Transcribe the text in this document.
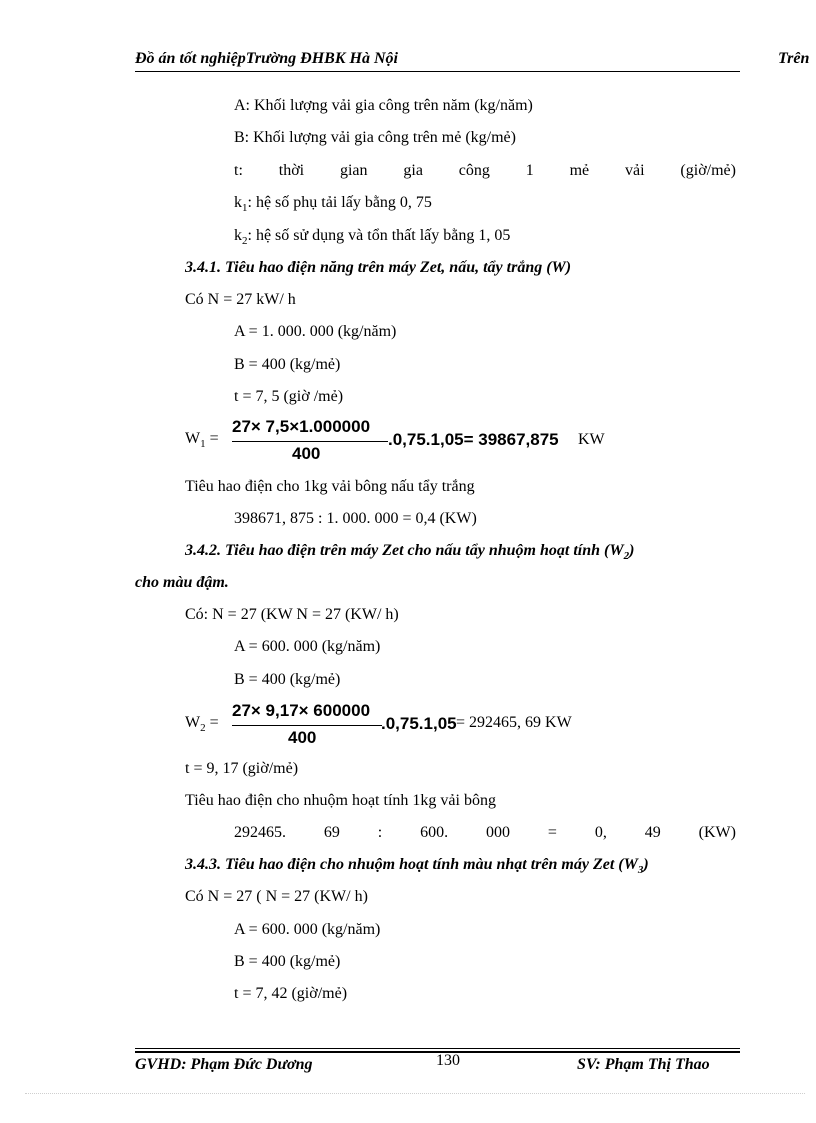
Đồ án tốt nghiệpTrường ĐHBK Hà Nội	Trên
A: Khối lượng vải gia công trên năm (kg/năm)
B: Khối lượng vải gia công trên mẻ (kg/mẻ)
t: thời gian gia công 1 mẻ vải (giờ/mẻ)
$k_1$: hệ số phụ tải lấy bằng 0, 75
$k_2$: hệ số sử dụng và tổn thất lấy bằng 1, 05
3.4.1. Tiêu hao điện năng trên máy Zet, nấu, tẩy trắng (W)
Có N = 27 kW/ h
A = 1. 000. 000 (kg/năm)
B = 400 (kg/mẻ)
t = 7, 5 (giờ /mẻ)
$W_1$ =
27× 7,5×1.000000
400
.0,75.1,05= 39867,875	KW
Tiêu hao điện cho 1kg vải bông nấu tẩy trắng
398671, 875 : 1. 000. 000 = 0,4 (KW)
3.4.2. Tiêu hao điện trên máy Zet cho nấu tẩy nhuộm hoạt tính $(W_2)$
cho màu đậm.
Có: N = 27 (KW N = 27 (KW/ h)
A = 600. 000 (kg/năm)
B = 400 (kg/mẻ)
$W_2$ =
27× 9,17× 600000
400
.0,75.1,05 = 292465, 69 KW
t = 9, 17 (giờ/mẻ)
Tiêu hao điện cho nhuộm hoạt tính 1kg vải bông
292465. 69 : 600. 000 = 0, 49 (KW)
3.4.3. Tiêu hao điện cho nhuộm hoạt tính màu nhạt trên máy Zet $(W_3)$
Có N = 27 ( N = 27 (KW/ h)
A = 600. 000 (kg/năm)
B = 400 (kg/mẻ)
t = 7, 42 (giờ/mẻ)
GVHD: Phạm Đức Dương	130	SV: Phạm Thị Thao
